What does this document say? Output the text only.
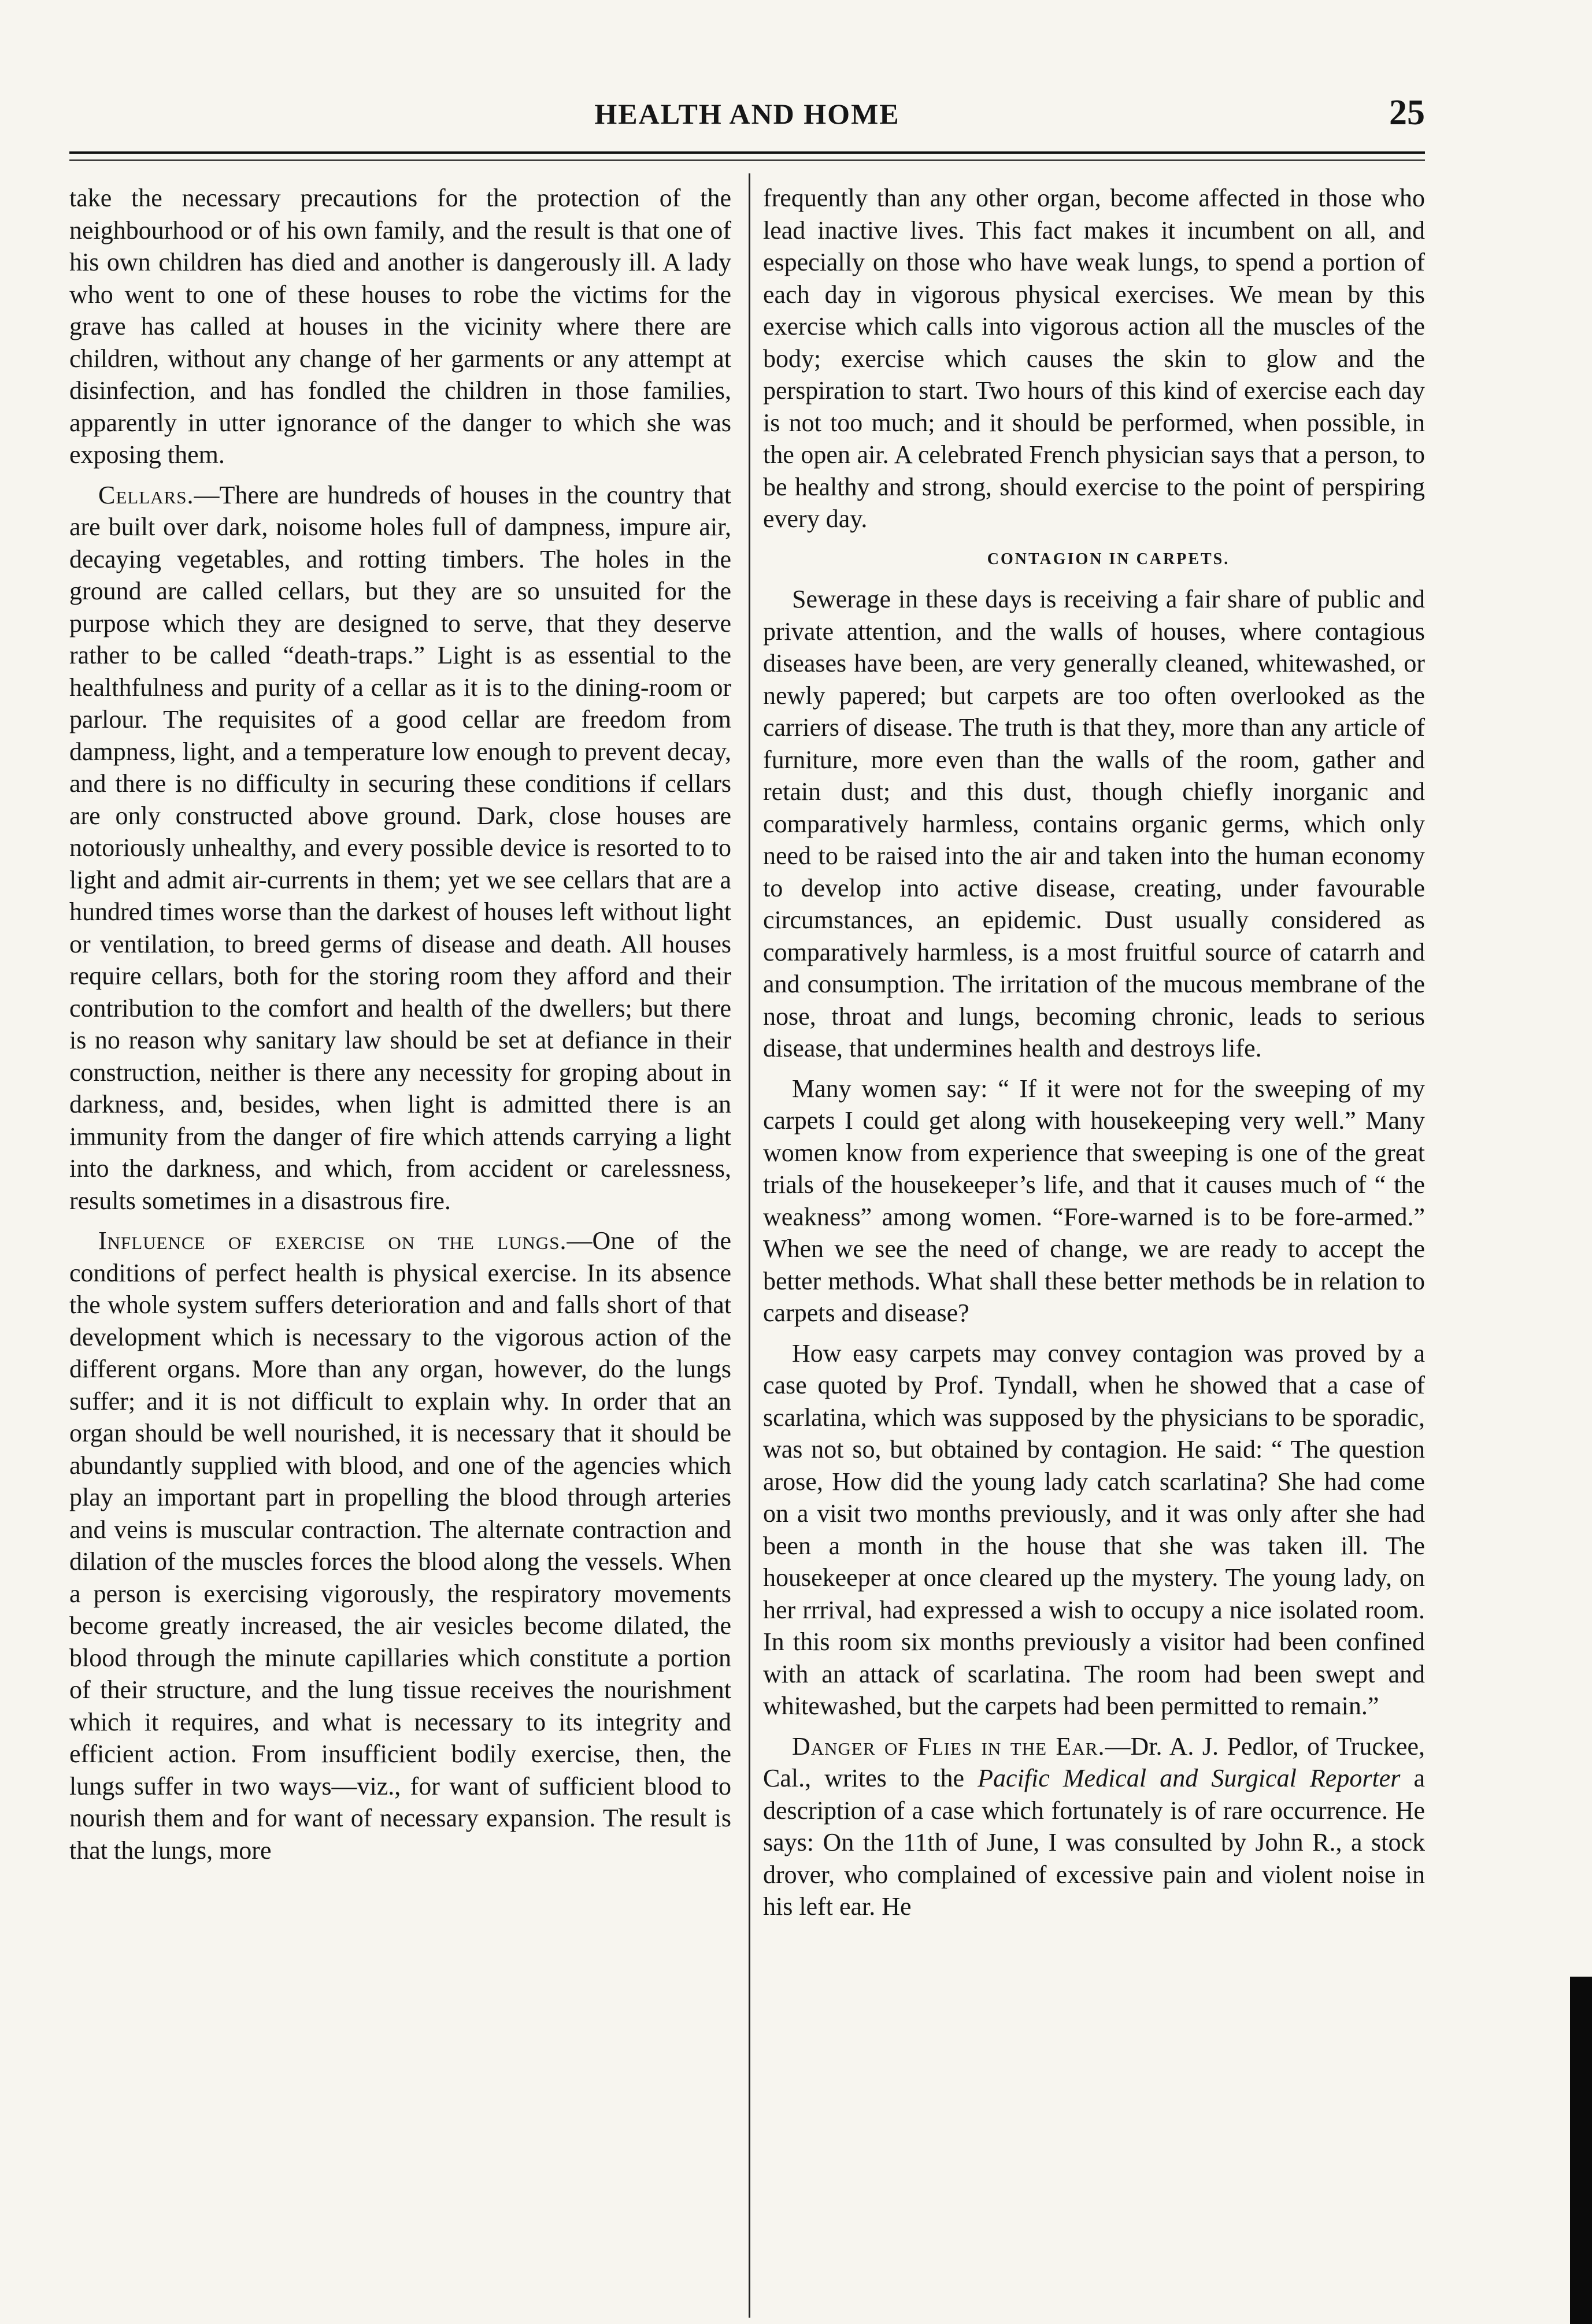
HEALTH AND HOME	25

take the necessary precautions for the protection of the neighbourhood or of his own family, and the result is that one of his own children has died and another is dangerously ill. A lady who went to one of these houses to robe the victims for the grave has called at houses in the vicinity where there are children, without any change of her garments or any attempt at disinfection, and has fondled the children in those families, apparently in utter ignorance of the danger to which she was exposing them.

Cellars.—There are hundreds of houses in the country that are built over dark, noisome holes full of dampness, impure air, decaying vegetables, and rotting timbers. The holes in the ground are called cellars, but they are so unsuited for the purpose which they are designed to serve, that they deserve rather to be called “death-traps.” Light is as essential to the healthfulness and purity of a cellar as it is to the dining-room or parlour. The requisites of a good cellar are freedom from dampness, light, and a temperature low enough to prevent decay, and there is no difficulty in securing these conditions if cellars are only constructed above ground. Dark, close houses are notoriously unhealthy, and every possible device is resorted to to light and admit air-currents in them; yet we see cellars that are a hundred times worse than the darkest of houses left without light or ventilation, to breed germs of disease and death. All houses require cellars, both for the storing room they afford and their contribution to the comfort and health of the dwellers; but there is no reason why sanitary law should be set at defiance in their construction, neither is there any necessity for groping about in darkness, and, besides, when light is admitted there is an immunity from the danger of fire which attends carrying a light into the darkness, and which, from accident or carelessness, results sometimes in a disastrous fire.

Influence of exercise on the lungs.—One of the conditions of perfect health is physical exercise. In its absence the whole system suffers deterioration and and falls short of that development which is necessary to the vigorous action of the different organs. More than any organ, however, do the lungs suffer; and it is not difficult to explain why. In order that an organ should be well nourished, it is necessary that it should be abundantly supplied with blood, and one of the agencies which play an important part in propelling the blood through arteries and veins is muscular contraction. The alternate contraction and dilation of the muscles forces the blood along the vessels. When a person is exercising vigorously, the respiratory movements become greatly increased, the air vesicles become dilated, the blood through the minute capillaries which constitute a portion of their structure, and the lung tissue receives the nourishment which it requires, and what is necessary to its integrity and efficient action. From insufficient bodily exercise, then, the lungs suffer in two ways—viz., for want of sufficient blood to nourish them and for want of necessary expansion. The result is that the lungs, more

frequently than any other organ, become affected in those who lead inactive lives. This fact makes it incumbent on all, and especially on those who have weak lungs, to spend a portion of each day in vigorous physical exercises. We mean by this exercise which calls into vigorous action all the muscles of the body; exercise which causes the skin to glow and the perspiration to start. Two hours of this kind of exercise each day is not too much; and it should be performed, when possible, in the open air. A celebrated French physician says that a person, to be healthy and strong, should exercise to the point of perspiring every day.

CONTAGION IN CARPETS.

Sewerage in these days is receiving a fair share of public and private attention, and the walls of houses, where contagious diseases have been, are very generally cleaned, whitewashed, or newly papered; but carpets are too often overlooked as the carriers of disease. The truth is that they, more than any article of furniture, more even than the walls of the room, gather and retain dust; and this dust, though chiefly inorganic and comparatively harmless, contains organic germs, which only need to be raised into the air and taken into the human economy to develop into active disease, creating, under favourable circumstances, an epidemic. Dust usually considered as comparatively harmless, is a most fruitful source of catarrh and and consumption. The irritation of the mucous membrane of the nose, throat and lungs, becoming chronic, leads to serious disease, that undermines health and destroys life.

Many women say: “ If it were not for the sweeping of my carpets I could get along with housekeeping very well.” Many women know from experience that sweeping is one of the great trials of the housekeeper’s life, and that it causes much of “ the weakness” among women. “Fore-warned is to be fore-armed.” When we see the need of change, we are ready to accept the better methods. What shall these better methods be in relation to carpets and disease?

How easy carpets may convey contagion was proved by a case quoted by Prof. Tyndall, when he showed that a case of scarlatina, which was supposed by the physicians to be sporadic, was not so, but obtained by contagion. He said: “ The question arose, How did the young lady catch scarlatina? She had come on a visit two months previously, and it was only after she had been a month in the house that she was taken ill. The housekeeper at once cleared up the mystery. The young lady, on her rrrival, had expressed a wish to occupy a nice isolated room. In this room six months previously a visitor had been confined with an attack of scarlatina. The room had been swept and whitewashed, but the carpets had been permitted to remain.”

Danger of Flies in the Ear.—Dr. A. J. Pedlor, of Truckee, Cal., writes to the Pacific Medical and Surgical Reporter a description of a case which fortunately is of rare occurrence. He says: On the 11th of June, I was consulted by John R., a stock drover, who complained of excessive pain and violent noise in his left ear. He
